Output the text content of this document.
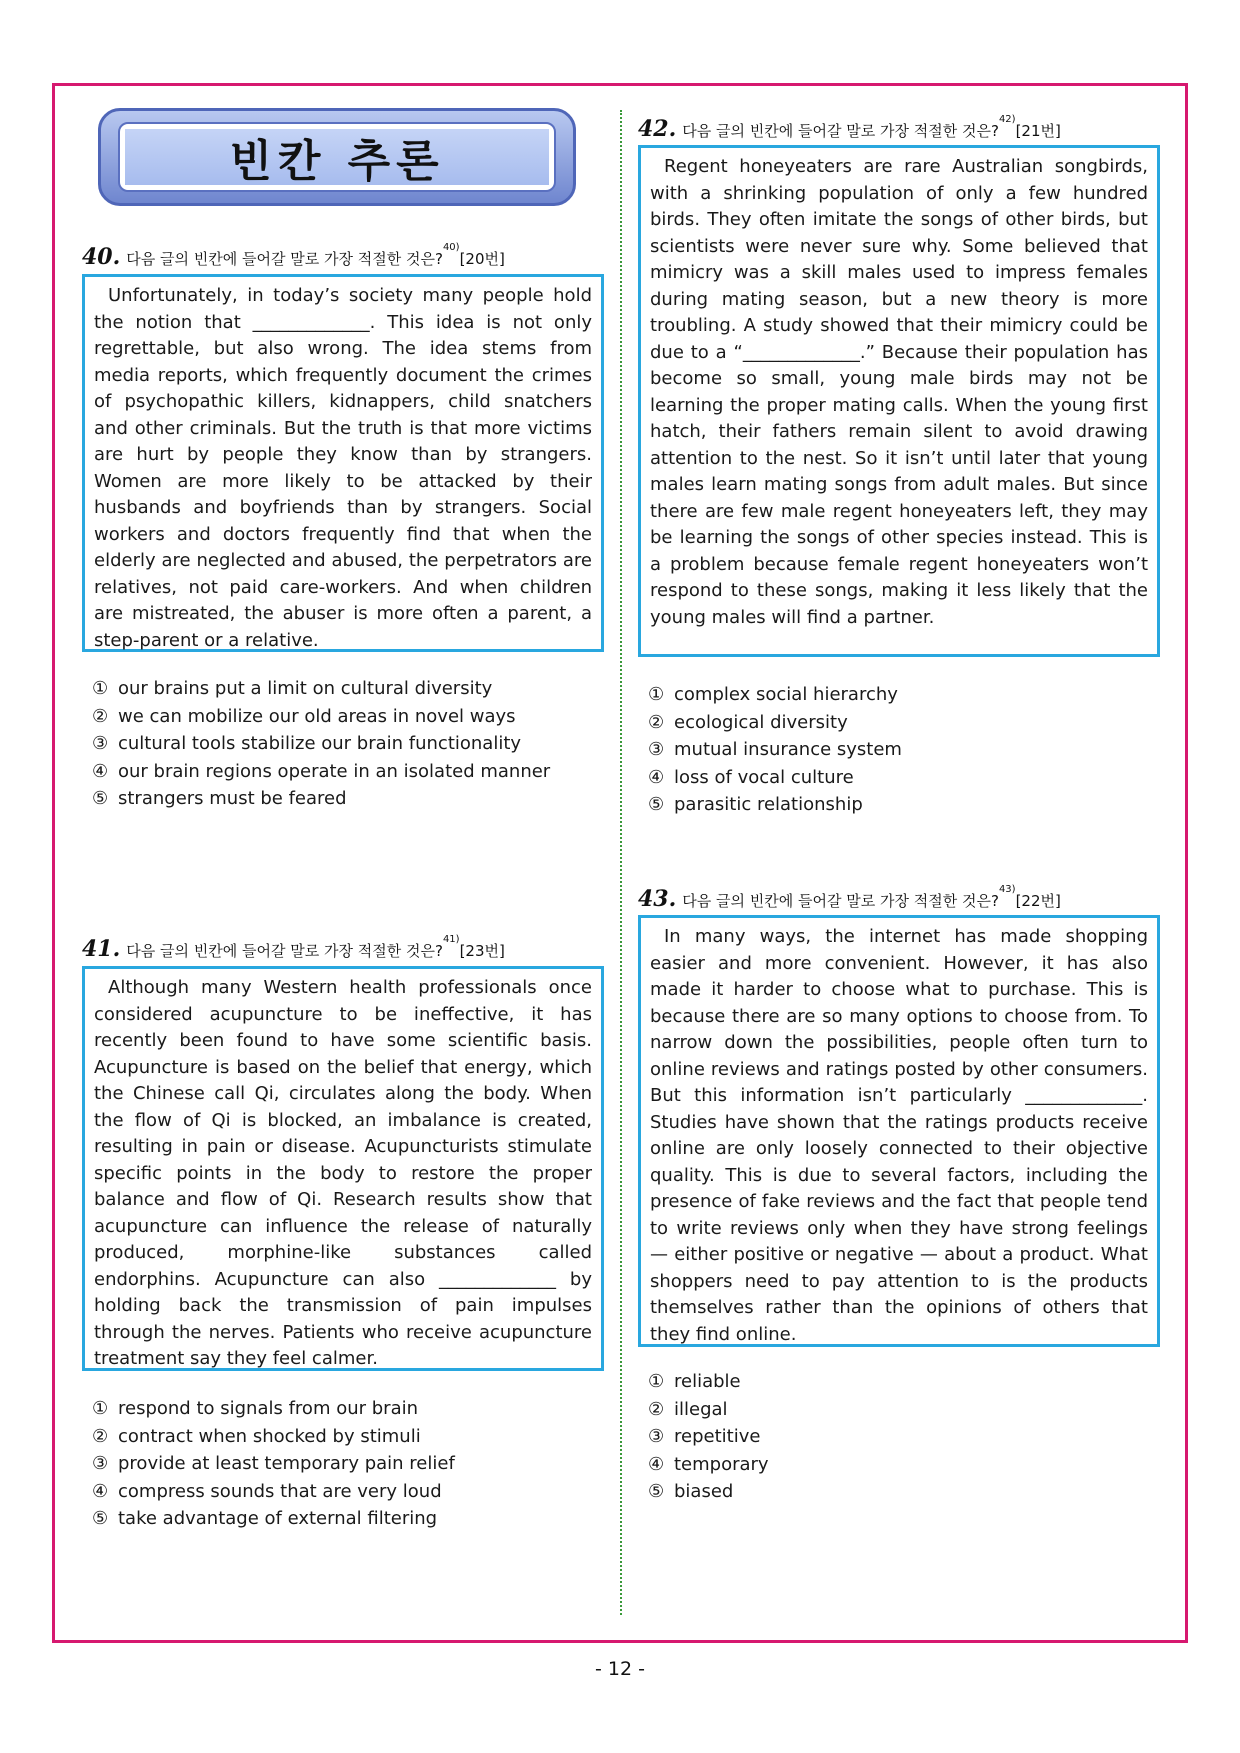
빈칸 추론
40. 다음 글의 빈칸에 들어갈 말로 가장 적절한 것은?$^{40)}$[20번]
Unfortunately, in today’s society many people hold the notion that _____________. This idea is not only regrettable, but also wrong. The idea stems from media reports, which frequently document the crimes of psychopathic killers, kidnappers, child snatchers and other criminals. But the truth is that more victims are hurt by people they know than by strangers. Women are more likely to be attacked by their husbands and boyfriends than by strangers. Social workers and doctors frequently find that when the elderly are neglected and abused, the perpetrators are relatives, not paid care-workers. And when children are mistreated, the abuser is more often a parent, a step-parent or a relative.
① our brains put a limit on cultural diversity
② we can mobilize our old areas in novel ways
③ cultural tools stabilize our brain functionality
④ our brain regions operate in an isolated manner
⑤ strangers must be feared
41. 다음 글의 빈칸에 들어갈 말로 가장 적절한 것은?$^{41)}$[23번]
Although many Western health professionals once considered acupuncture to be ineffective, it has recently been found to have some scientific basis. Acupuncture is based on the belief that energy, which the Chinese call Qi, circulates along the body. When the flow of Qi is blocked, an imbalance is created, resulting in pain or disease. Acupuncturists stimulate specific points in the body to restore the proper balance and flow of Qi. Research results show that acupuncture can influence the release of naturally produced, morphine-like substances called endorphins. Acupuncture can also _____________ by holding back the transmission of pain impulses through the nerves. Patients who receive acupuncture treatment say they feel calmer.
① respond to signals from our brain
② contract when shocked by stimuli
③ provide at least temporary pain relief
④ compress sounds that are very loud
⑤ take advantage of external filtering
42. 다음 글의 빈칸에 들어갈 말로 가장 적절한 것은?$^{42)}$[21번]
Regent honeyeaters are rare Australian songbirds, with a shrinking population of only a few hundred birds. They often imitate the songs of other birds, but scientists were never sure why. Some believed that mimicry was a skill males used to impress females during mating season, but a new theory is more troubling. A study showed that their mimicry could be due to a “_____________.” Because their population has become so small, young male birds may not be learning the proper mating calls. When the young first hatch, their fathers remain silent to avoid drawing attention to the nest. So it isn’t until later that young males learn mating songs from adult males. But since there are few male regent honeyeaters left, they may be learning the songs of other species instead. This is a problem because female regent honeyeaters won’t respond to these songs, making it less likely that the young males will find a partner.
① complex social hierarchy
② ecological diversity
③ mutual insurance system
④ loss of vocal culture
⑤ parasitic relationship
43. 다음 글의 빈칸에 들어갈 말로 가장 적절한 것은?$^{43)}$[22번]
In many ways, the internet has made shopping easier and more convenient. However, it has also made it harder to choose what to purchase. This is because there are so many options to choose from. To narrow down the possibilities, people often turn to online reviews and ratings posted by other consumers. But this information isn’t particularly _____________. Studies have shown that the ratings products receive online are only loosely connected to their objective quality. This is due to several factors, including the presence of fake reviews and the fact that people tend to write reviews only when they have strong feelings — either positive or negative — about a product. What shoppers need to pay attention to is the products themselves rather than the opinions of others that they find online.
① reliable
② illegal
③ repetitive
④ temporary
⑤ biased
- 12 -
